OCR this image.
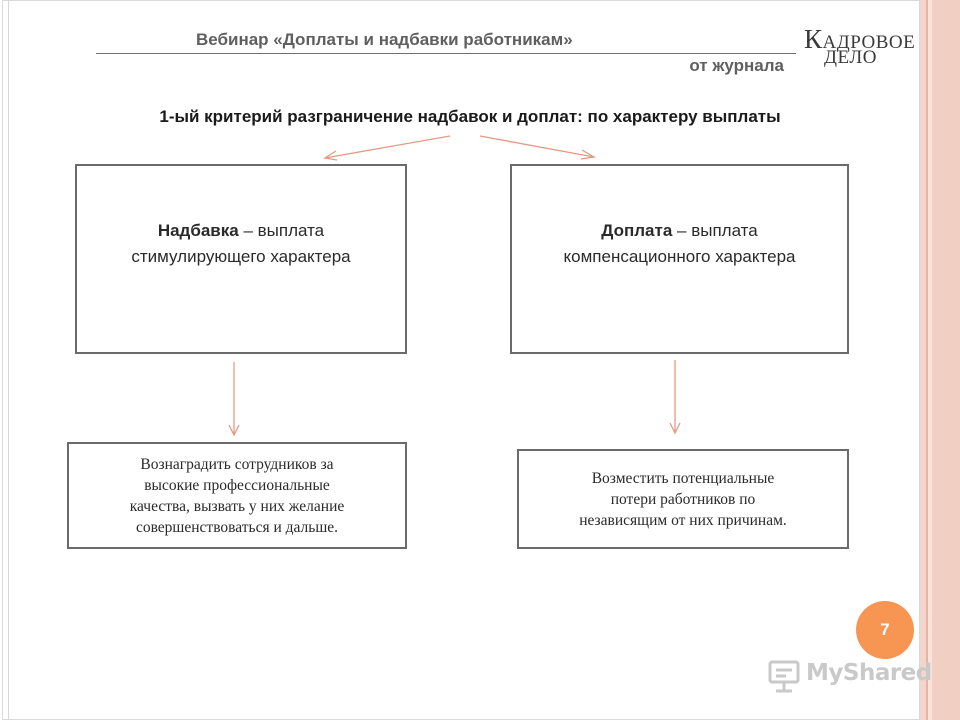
Вебинар «Доплаты и надбавки работникам»
от журнала
КАДРОВОЕ
ДЕЛО
1-ый критерий разграничение надбавок и доплат: по характеру выплаты
Надбавка – выплата
стимулирующего характера
Доплата – выплата
компенсационного характера
Вознаградить сотрудников за
высокие профессиональные
качества, вызвать у них желание
совершенствоваться и дальше.
Возместить потенциальные
потери работников по
независящим от них причинам.
7
MyShared
